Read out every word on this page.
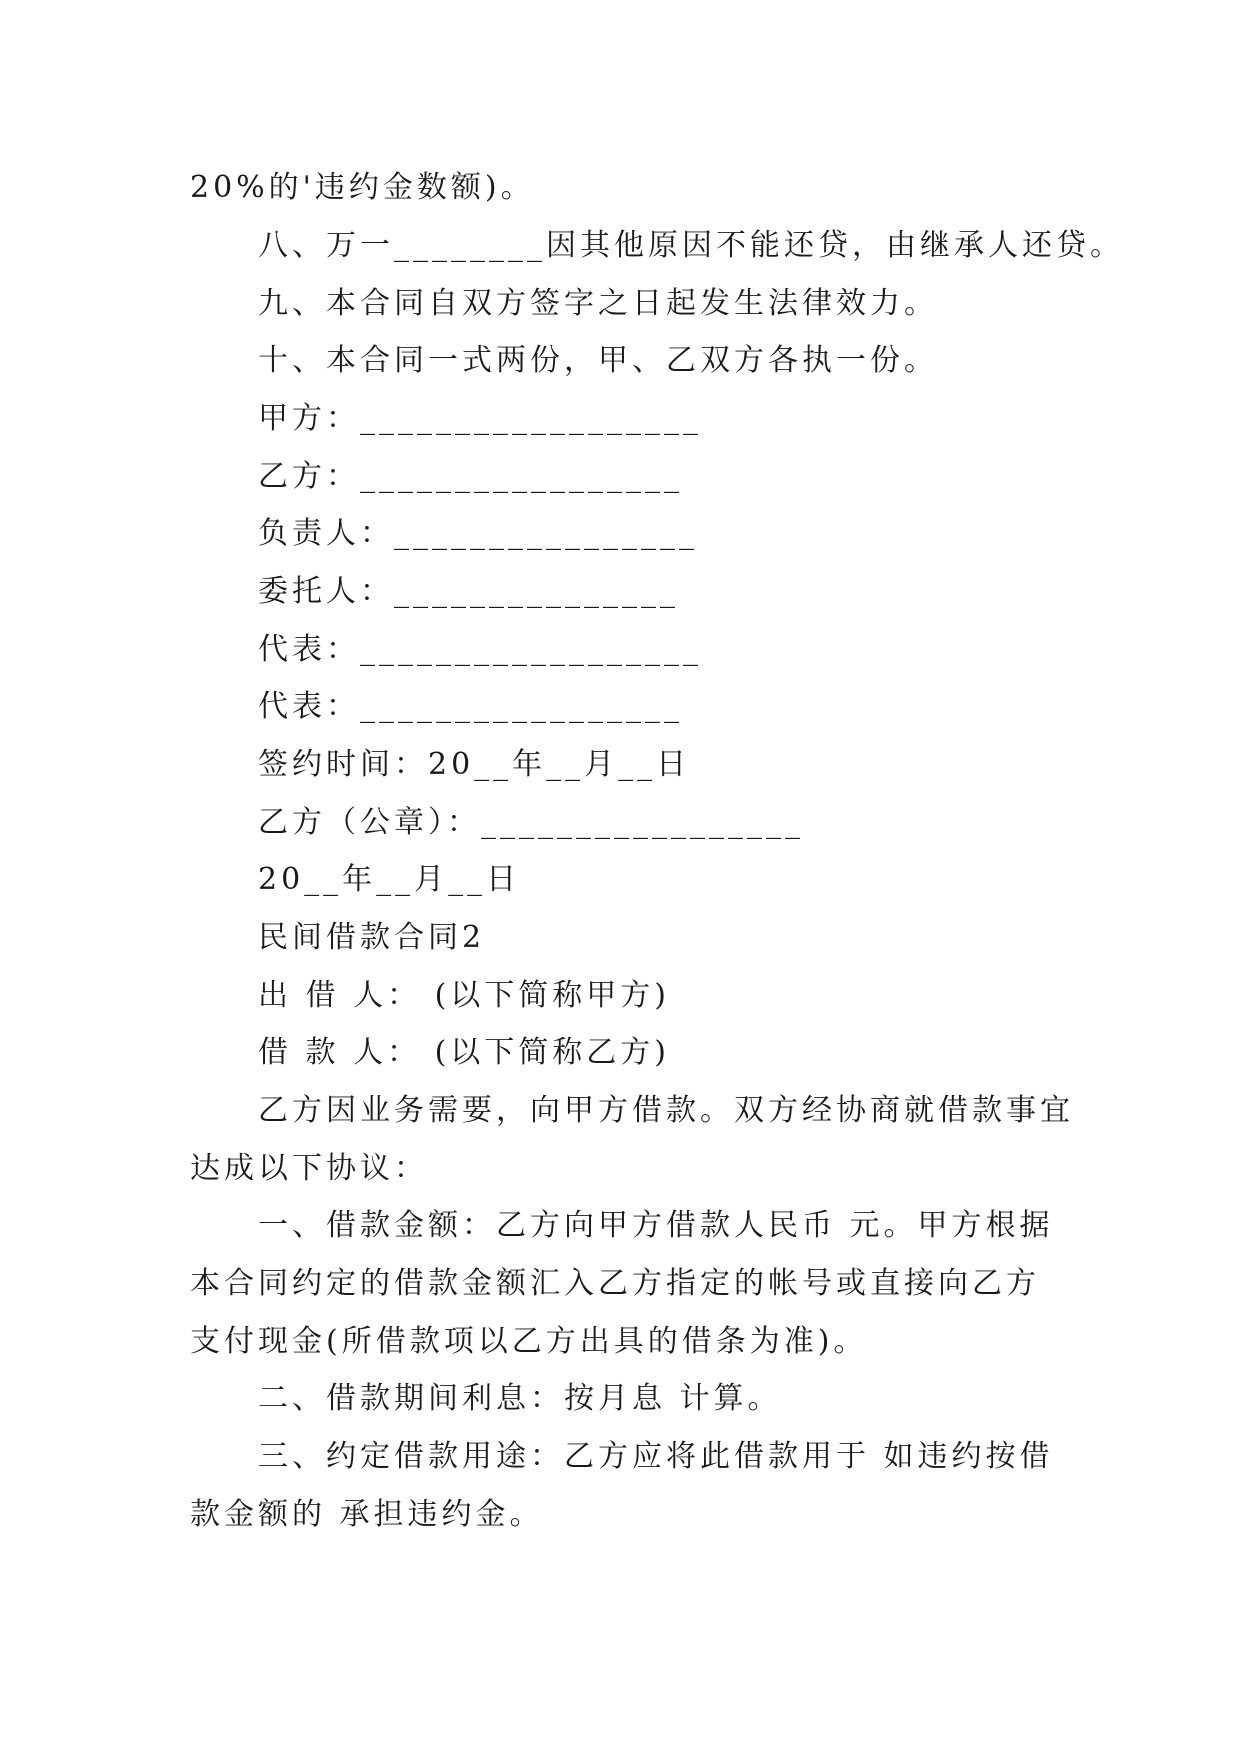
20%的'违约金数额)。
八、万一________因其他原因不能还贷，由继承人还贷。
九、本合同自双方签字之日起发生法律效力。
十、本合同一式两份，甲、乙双方各执一份。
甲方：__________________
乙方：_________________
负责人：________________
委托人：_______________
代表：__________________
代表：_________________
签约时间：20__年__月__日
乙方（公章）：_________________
20__年__月__日
民间借款合同2
出 借 人： (以下简称甲方)
借 款 人： (以下简称乙方)
乙方因业务需要，向甲方借款。双方经协商就借款事宜
达成以下协议：
一、借款金额：乙方向甲方借款人民币 元。甲方根据
本合同约定的借款金额汇入乙方指定的帐号或直接向乙方
支付现金(所借款项以乙方出具的借条为准)。
二、借款期间利息：按月息 计算。
三、约定借款用途：乙方应将此借款用于 如违约按借
款金额的 承担违约金。
